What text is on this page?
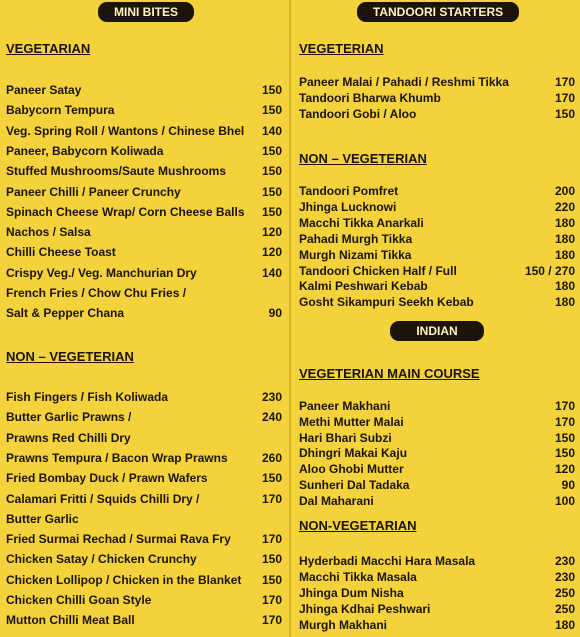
MINI BITES
VEGETARIAN
Paneer Satay	150
Babycorn Tempura	150
Veg. Spring Roll / Wantons / Chinese Bhel 140
Paneer, Babycorn Koliwada	150
Stuffed Mushrooms/Saute Mushrooms	150
Paneer Chilli / Paneer Crunchy	150
Spinach Cheese Wrap/ Corn Cheese Balls 150
Nachos / Salsa	120
Chilli Cheese Toast	120
Crispy Veg./ Veg. Manchurian Dry	140
French Fries / Chow Chu Fries /
Salt & Pepper Chana	90
NON – VEGETERIAN
Fish Fingers / Fish Koliwada	230
Butter Garlic Prawns /	240
Prawns Red Chilli Dry
Prawns Tempura / Bacon Wrap Prawns	260
Fried Bombay Duck / Prawn Wafers	150
Calamari Fritti / Squids Chilli Dry /	170
Butter Garlic
Fried Surmai Rechad / Surmai Rava Fry	170
Chicken Satay / Chicken Crunchy	150
Chicken Lollipop / Chicken in the Blanket 150
Chicken Chilli Goan Style	170
Mutton Chilli Meat Ball	170
TANDOORI STARTERS
VEGETERIAN
Paneer Malai / Pahadi / Reshmi Tikka	170
Tandoori Bharwa Khumb	170
Tandoori Gobi / Aloo	150
NON – VEGETERIAN
Tandoori Pomfret	200
Jhinga Lucknowi	220
Macchi Tikka Anarkali	180
Pahadi Murgh Tikka	180
Murgh Nizami Tikka	180
Tandoori Chicken Half / Full	150 / 270
Kalmi Peshwari Kebab	180
Gosht Sikampuri Seekh Kebab	180
INDIAN
VEGETERIAN MAIN COURSE
Paneer Makhani	170
Methi Mutter Malai	170
Hari Bhari Subzi	150
Dhingri Makai Kaju	150
Aloo Ghobi Mutter	120
Sunheri Dal Tadaka	90
Dal Maharani	100
NON-VEGETARIAN
Hyderbadi Macchi Hara Masala	230
Macchi Tikka Masala	230
Jhinga Dum Nisha	250
Jhinga Kdhai Peshwari	250
Murgh Makhani	180
